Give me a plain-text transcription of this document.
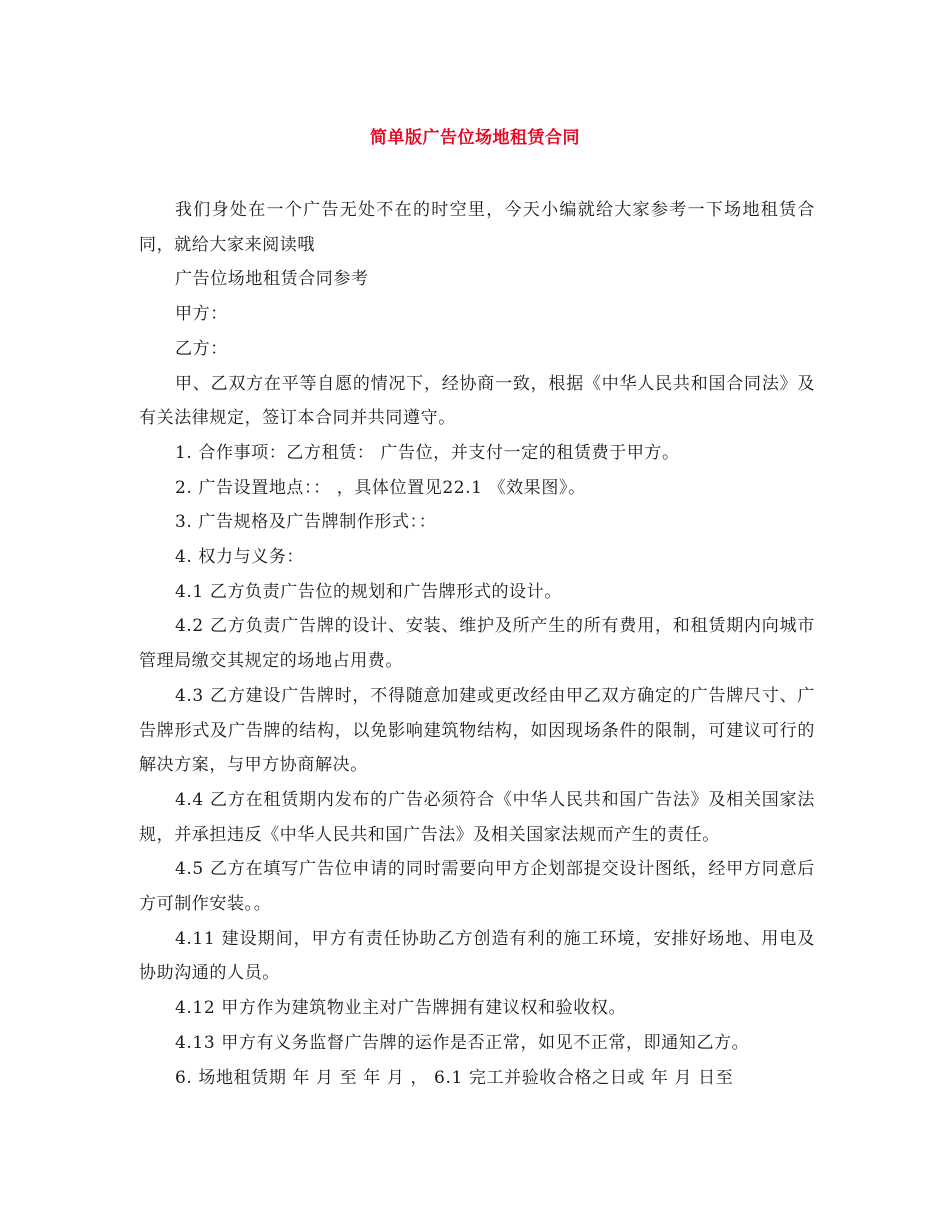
简单版广告位场地租赁合同

我们身处在一个广告无处不在的时空里，今天小编就给大家参考一下场地租赁合同，就给大家来阅读哦

广告位场地租赁合同参考

甲方：

乙方：

甲、乙双方在平等自愿的情况下，经协商一致，根据《中华人民共和国合同法》及有关法律规定，签订本合同并共同遵守。

1. 合作事项：乙方租赁： 广告位，并支付一定的租赁费于甲方。

2. 广告设置地点：： ，具体位置见22.1 《效果图》。

3. 广告规格及广告牌制作形式：：

4. 权力与义务：

4.1 乙方负责广告位的规划和广告牌形式的设计。

4.2 乙方负责广告牌的设计、安装、维护及所产生的所有费用，和租赁期内向城市管理局缴交其规定的场地占用费。

4.3 乙方建设广告牌时，不得随意加建或更改经由甲乙双方确定的广告牌尺寸、广告牌形式及广告牌的结构，以免影响建筑物结构，如因现场条件的限制，可建议可行的解决方案，与甲方协商解决。

4.4 乙方在租赁期内发布的广告必须符合《中华人民共和国广告法》及相关国家法规，并承担违反《中华人民共和国广告法》及相关国家法规而产生的责任。

4.5 乙方在填写广告位申请的同时需要向甲方企划部提交设计图纸，经甲方同意后方可制作安装。。

4.11 建设期间，甲方有责任协助乙方创造有利的施工环境，安排好场地、用电及协助沟通的人员。

4.12 甲方作为建筑物业主对广告牌拥有建议权和验收权。

4.13 甲方有义务监督广告牌的运作是否正常，如见不正常，即通知乙方。

6. 场地租赁期 年 月 至 年 月 ， 6.1 完工并验收合格之日或 年 月 日至
